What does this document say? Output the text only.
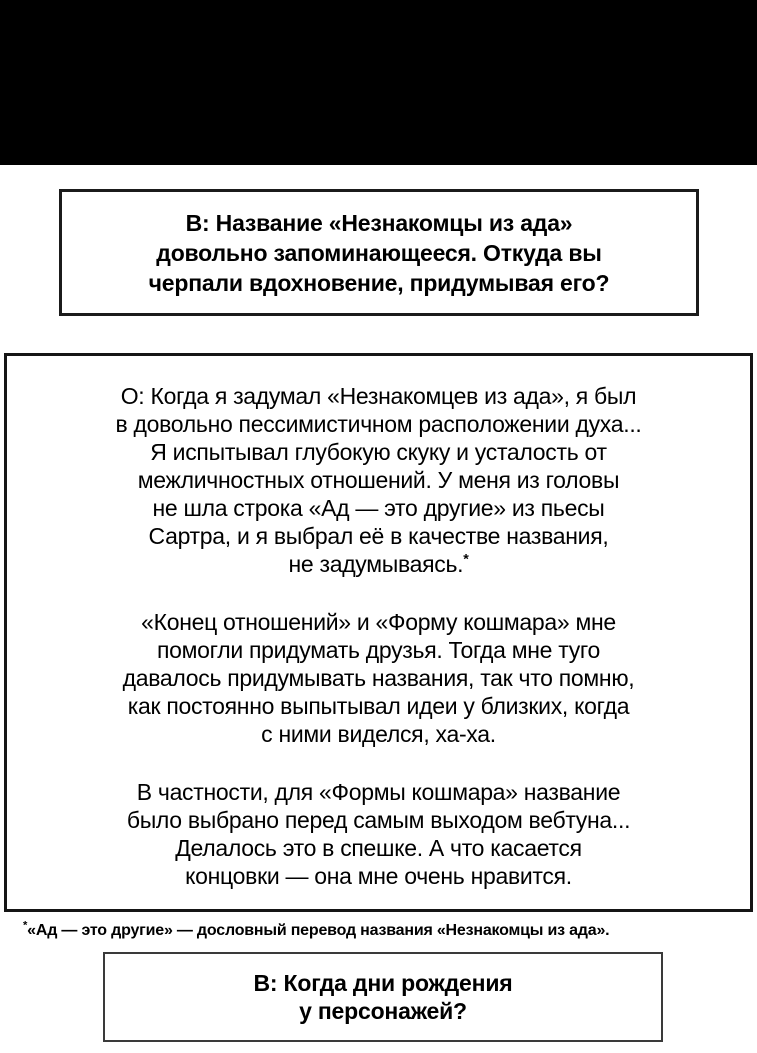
В: Название «Незнакомцы из ада»
довольно запоминающееся. Откуда вы
черпали вдохновение, придумывая его?
О: Когда я задумал «Незнакомцев из ада», я был
в довольно пессимистичном расположении духа...
Я испытывал глубокую скуку и усталость от
межличностных отношений. У меня из головы
не шла строка «Ад — это другие» из пьесы
Сартра, и я выбрал её в качестве названия,
не задумываясь.*
«Конец отношений» и «Форму кошмара» мне
помогли придумать друзья. Тогда мне туго
давалось придумывать названия, так что помню,
как постоянно выпытывал идеи у близких, когда
с ними виделся, ха-ха.
В частности, для «Формы кошмара» название
было выбрано перед самым выходом вебтуна...
Делалось это в спешке. А что касается
концовки — она мне очень нравится.
*«Ад — это другие» — дословный перевод названия «Незнакомцы из ада».
В: Когда дни рождения
у персонажей?
